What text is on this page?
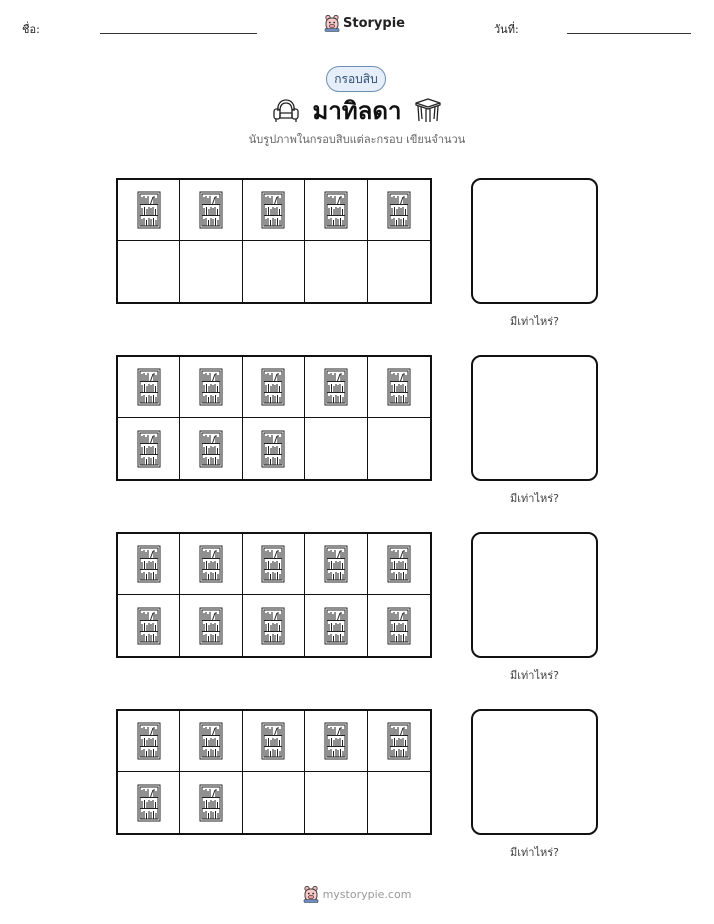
ชื่อ:	Storypie	วันที่:
กรอบสิบ
มาทิลดา
นับรูปภาพในกรอบสิบแต่ละกรอบ เขียนจำนวน
มีเท่าไหร่?
มีเท่าไหร่?
มีเท่าไหร่?
มีเท่าไหร่?
mystorypie.com
